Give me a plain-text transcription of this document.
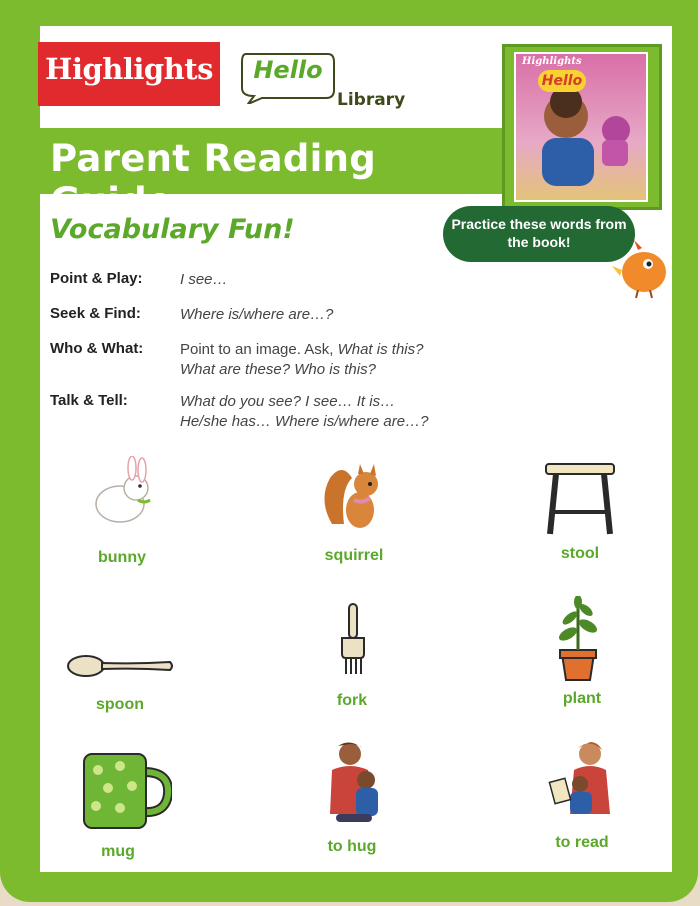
Highlights	Hello
Library
Parent Reading Guide
Highlights
Hello
Vocabulary Fun!	Practice these words from the book!
Point & Play: I see…
Seek & Find:	Where is/where are…?
Who & What: Point to an image. Ask, What is this?
What are these? Who is this?
Talk & Tell:	What do you see? I see… It is…
He/she has… Where is/where are…?
bunny	squirrel	stool
spoon	fork	plant
mug	to hug	to read
